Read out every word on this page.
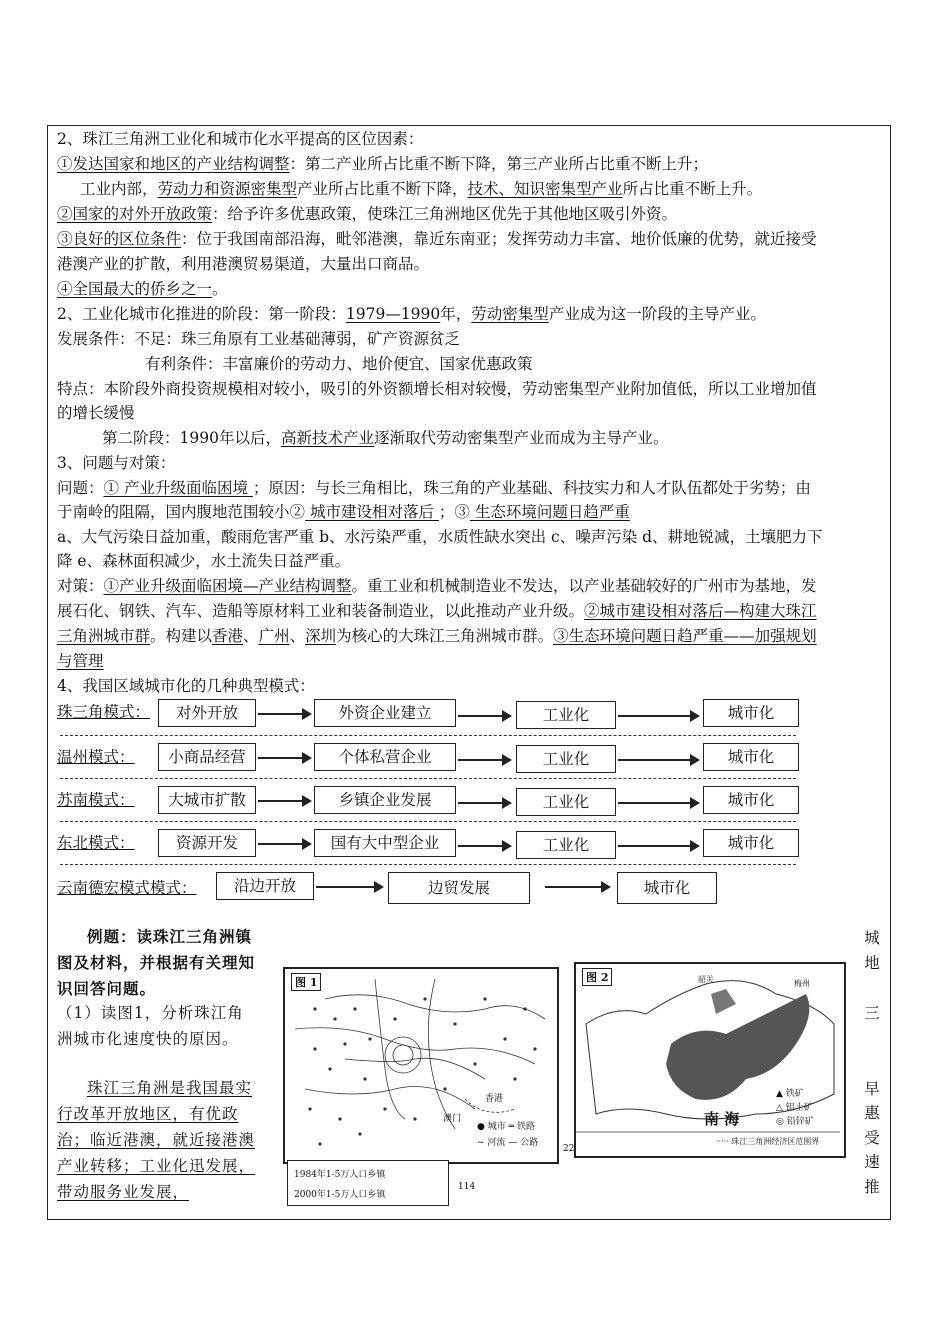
2、珠江三角洲工业化和城市化水平提高的区位因素：
①发达国家和地区的产业结构调整：第二产业所占比重不断下降，第三产业所占比重不断上升；
工业内部，劳动力和资源密集型产业所占比重不断下降，技术、知识密集型产业所占比重不断上升。
②国家的对外开放政策：给予许多优惠政策，使珠江三角洲地区优先于其他地区吸引外资。
③良好的区位条件：位于我国南部沿海，毗邻港澳，靠近东南亚；发挥劳动力丰富、地价低廉的优势，就近接受
港澳产业的扩散，利用港澳贸易渠道，大量出口商品。
④全国最大的侨乡之一。
2、工业化城市化推进的阶段：第一阶段：1979—1990年，劳动密集型产业成为这一阶段的主导产业。
发展条件：不足：珠三角原有工业基础薄弱，矿产资源贫乏
有利条件：丰富廉价的劳动力、地价便宜、国家优惠政策
特点：本阶段外商投资规模相对较小，吸引的外资额增长相对较慢，劳动密集型产业附加值低，所以工业增加值
的增长缓慢
第二阶段：1990年以后，高新技术产业逐渐取代劳动密集型产业而成为主导产业。
3、问题与对策：
问题：① 产业升级面临困境 ；原因：与长三角相比，珠三角的产业基础、科技实力和人才队伍都处于劣势；由
于南岭的阻隔，国内腹地范围较小② 城市建设相对落后 ；③ 生态环境问题日趋严重
a、大气污染日益加重，酸雨危害严重 b、水污染严重，水质性缺水突出 c、噪声污染 d、耕地锐减，土壤肥力下
降 e、森林面积减少，水土流失日益严重。
对策：①产业升级面临困境—产业结构调整。重工业和机械制造业不发达，以产业基础较好的广州市为基地，发
展石化、钢铁、汽车、造船等原材料工业和装备制造业，以此推动产业升级。②城市建设相对落后—构建大珠江
三角洲城市群。构建以香港、广州、深圳为核心的大珠江三角洲城市群。③生态环境问题日趋严重——加强规划
与管理
4、我国区域城市化的几种典型模式：
珠三角模式：	对外开放	外资企业建立	工业化	城市化
温州模式：	小商品经营	个体私营企业	工业化	城市化
苏南模式：	大城市扩散	乡镇企业发展	工业化	城市化
东北模式：	资源开发	国有大中型企业	工业化	城市化
云南德宏模式模式：	沿边开放	边贸发展	城市化
例题：读珠江三角洲镇图及材料，并根据有关理知识回答问题。
（1）读图1，分析珠江角洲城市化速度快的原因。
珠江三角洲是我国最实行改革开放地区，有优政治；临近港澳，就近接港澳产业转移；工业化迅发展，带动服务业发展，
城
地
三
早
惠
受
速
推
图 1
香港
澳门
● 城市 ═ 铁路
~ 河流 — 公路
1984年1-5万人口乡镇
2000年1-5万人口乡镇
114
图 2	韶关	梅州
南 海
▲ 铁矿
△ 铝土矿
◎ 铅锌矿
····· 珠江三角洲经济区范围界
22
